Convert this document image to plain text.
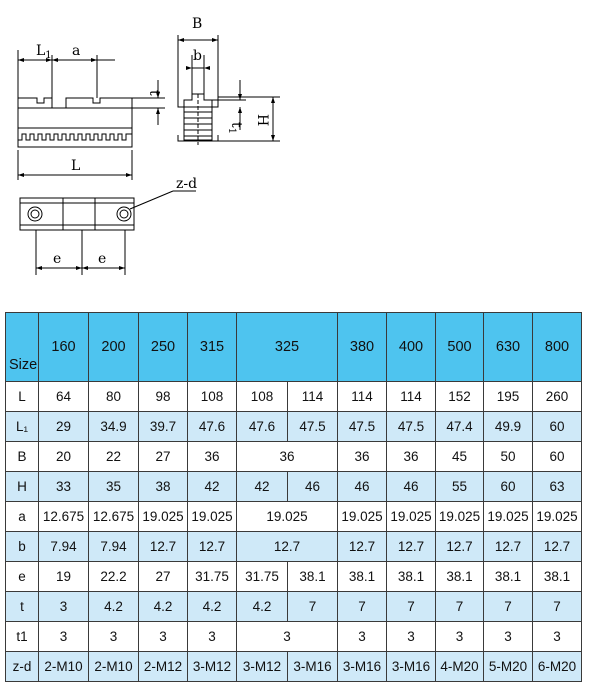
$L_1$ a
L
B
b
t
$t_1$
H
z-d
e	e
Size	160	200	250	315	325		380	400	500	630	800
L	64	80	98	108	108	114	114	114	152	195	260
L₁	29	34.9	39.7	47.6	47.6	47.5	47.5	47.5	47.4	49.9	60
B	20	22	27	36	36		36	36	45	50	60
H	33	35	38	42	42	46	46	46	55	60	63
a	12.675	12.675	19.025	19.025	19.025		19.025	19.025	19.025	19.025	19.025
b	7.94	7.94	12.7	12.7	12.7		12.7	12.7	12.7	12.7	12.7
e	19	22.2	27	31.75	31.75	38.1	38.1	38.1	38.1	38.1	38.1
t	3	4.2	4.2	4.2	4.2	7	7	7	7	7	7
t1	3	3	3	3	3		3	3	3	3	3
z-d	2-M10	2-M10	2-M12	3-M12	3-M12	3-M16	3-M16	3-M16	4-M20	5-M20	6-M20
